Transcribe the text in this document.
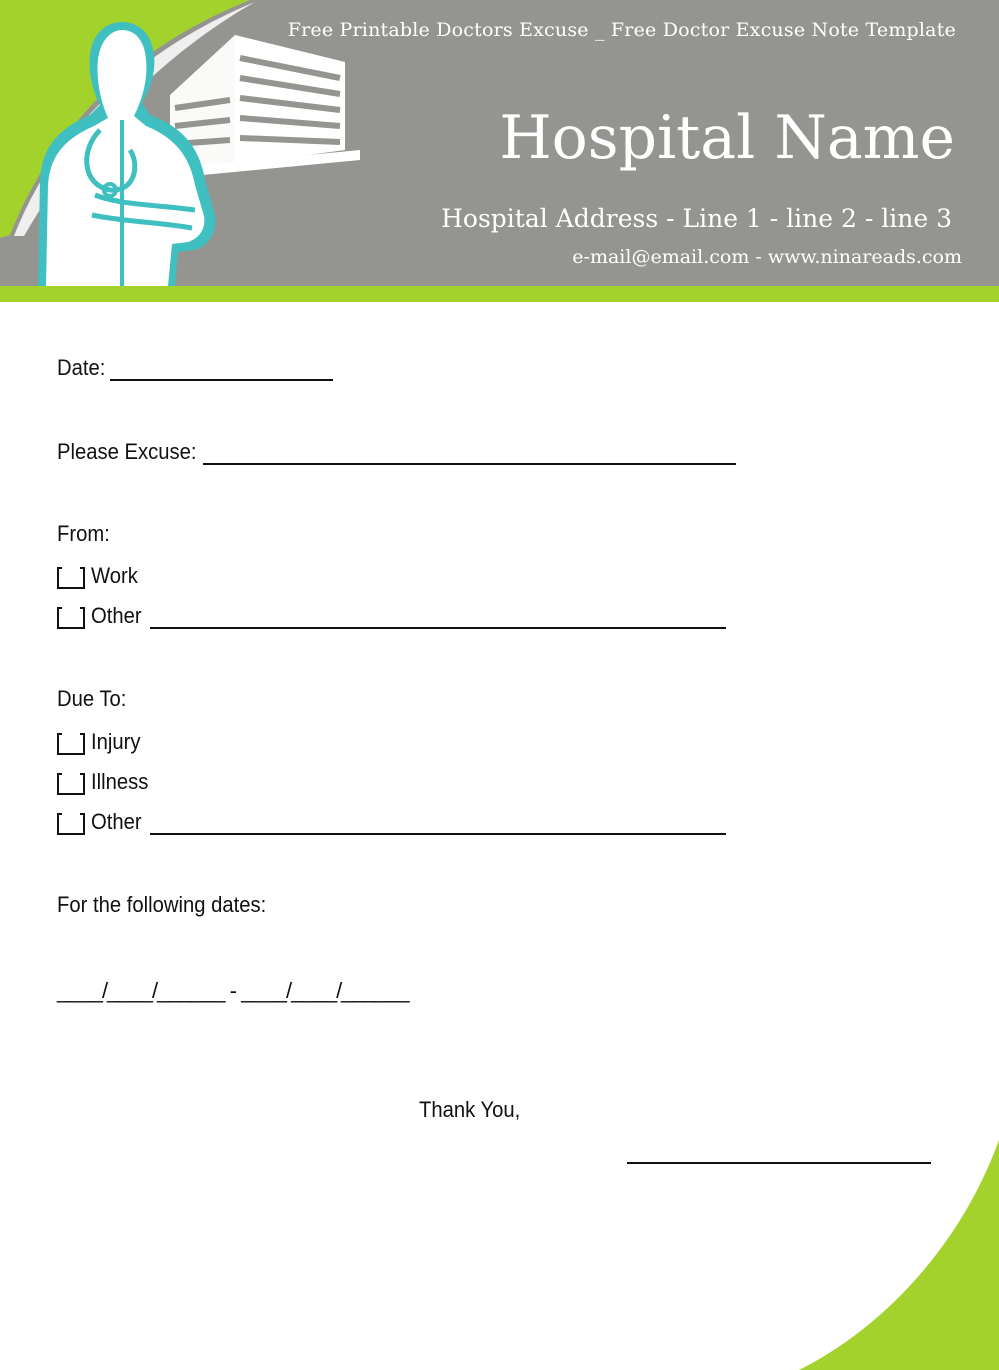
Free Printable Doctors Excuse _ Free Doctor Excuse Note Template
Hospital Name
Hospital Address - Line 1 - line 2 - line 3
e-mail@email.com - www.ninareads.com
Date:
Please Excuse:
From:
Work
Other
Due To:
Injury
Illness
Other
For the following dates:
____/____/______ - ____/____/______
Thank You,
